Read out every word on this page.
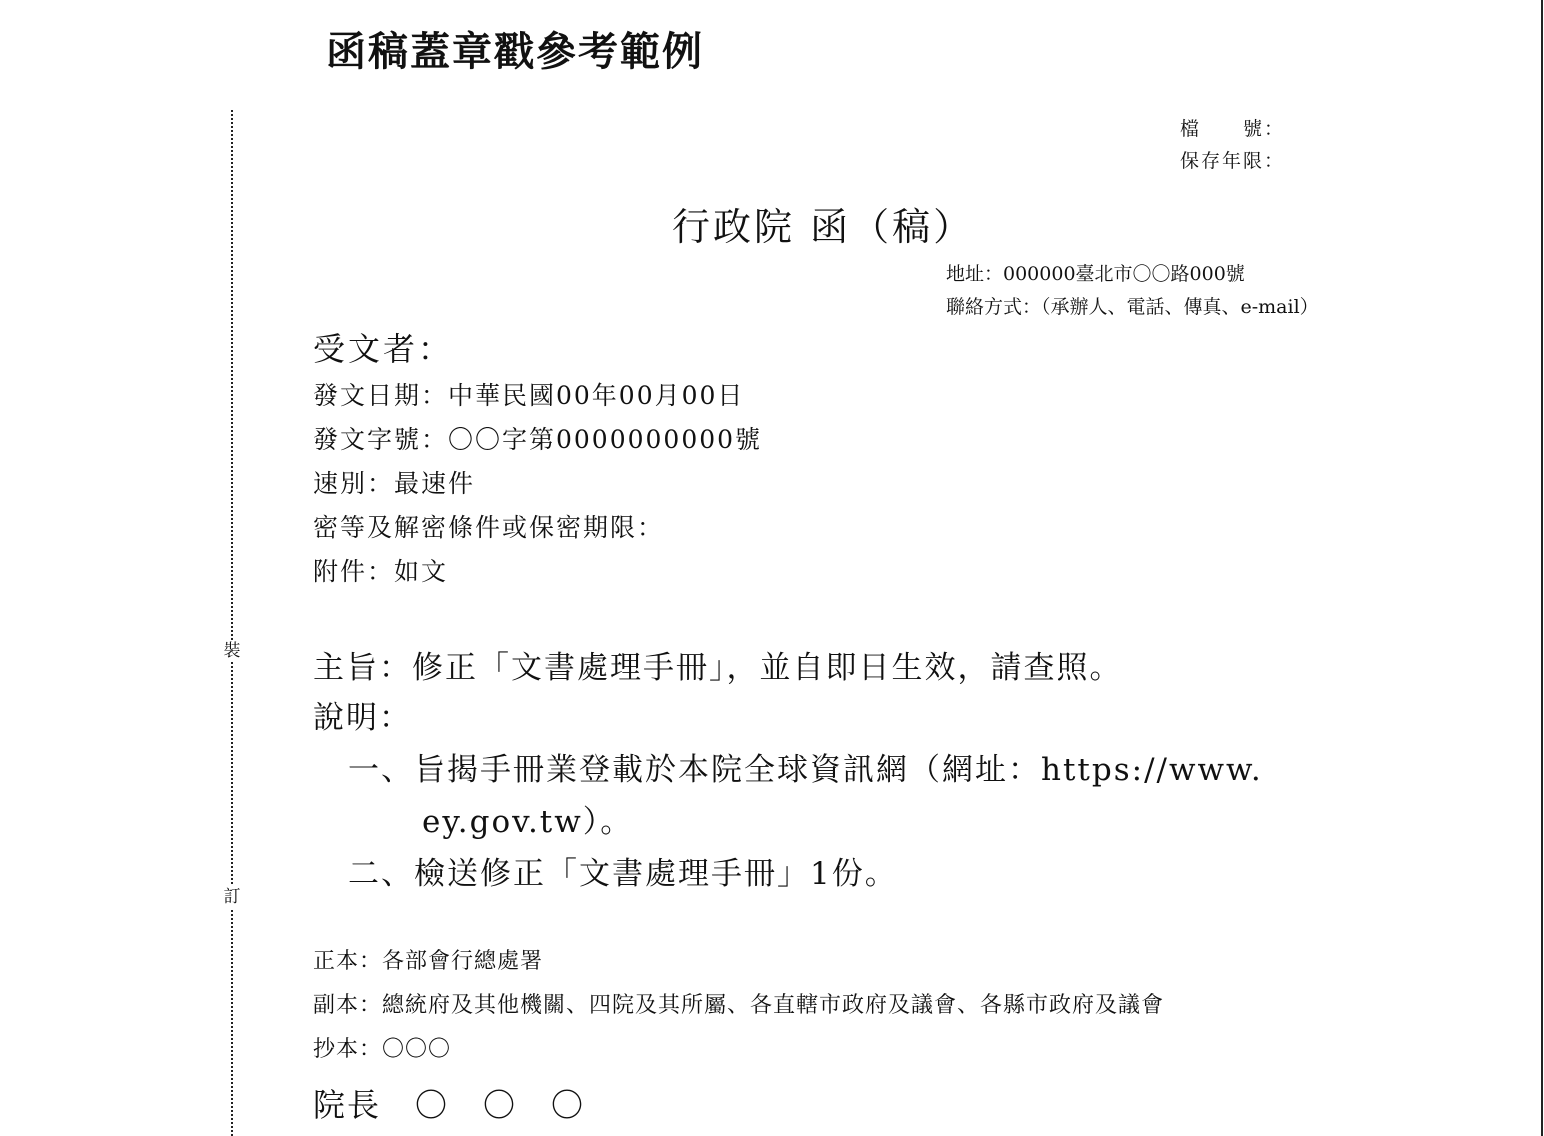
裝
訂
函稿蓋章戳參考範例
檔　　號：
保存年限：
行政院 函（稿）
地址：000000臺北市〇〇路000號
聯絡方式：（承辦人、電話、傳真、e-mail）
受文者：
發文日期：中華民國00年00月00日
發文字號：〇〇字第0000000000號
速別：最速件
密等及解密條件或保密期限：
附件：如文
主旨：修正「文書處理手冊」，並自即日生效，請查照。
說明：
一、旨揭手冊業登載於本院全球資訊網（網址：https://www.
ey.gov.tw）。
二、檢送修正「文書處理手冊」1份。
正本：各部會行總處署
副本：總統府及其他機關、四院及其所屬、各直轄市政府及議會、各縣市政府及議會
抄本：〇〇〇
院長　〇　〇　〇
